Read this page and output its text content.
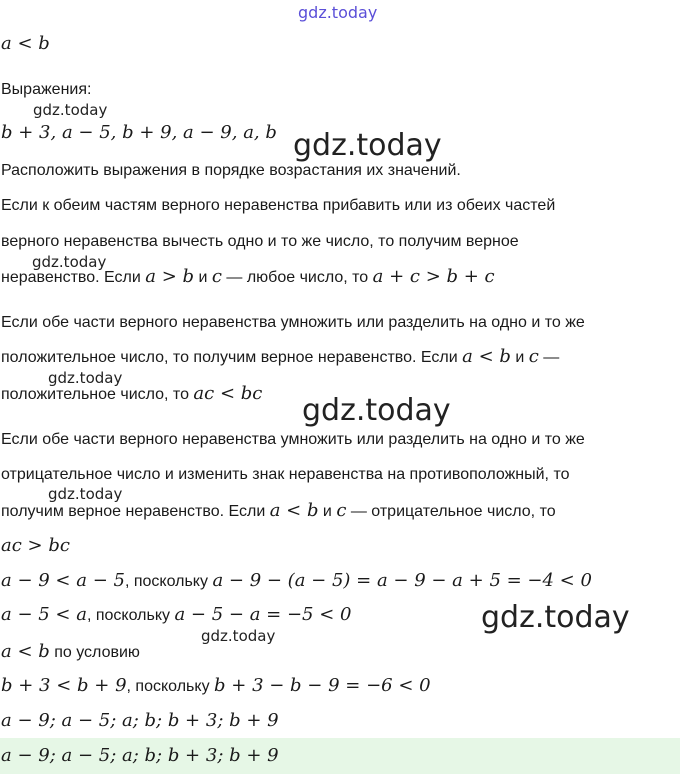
gdz.today
gdz.today
gdz.today
gdz.today
gdz.today
gdz.today
gdz.today
gdz.today
gdz.today
a < b
Выражения:
b + 3, a − 5, b + 9, a − 9, a, b
Расположить выражения в порядке возрастания их значений.
Если к обеим частям верного неравенства прибавить или из обеих частей
верного неравенства вычесть одно и то же число, то получим верное
неравенство. Если a > b и c — любое число, то a + c > b + c
Если обе части верного неравенства умножить или разделить на одно и то же
положительное число, то получим верное неравенство. Если a < b и c —
положительное число, то ac < bc
Если обе части верного неравенства умножить или разделить на одно и то же
отрицательное число и изменить знак неравенства на противоположный, то
получим верное неравенство. Если a < b и c — отрицательное число, то
ac > bc
a − 9 < a − 5, поскольку a − 9 − (a − 5) = a − 9 − a + 5 = −4 < 0
a − 5 < a, поскольку a − 5 − a = −5 < 0
a < b по условию
b + 3 < b + 9, поскольку b + 3 − b − 9 = −6 < 0
a − 9; a − 5; a; b; b + 3; b + 9
a − 9; a − 5; a; b; b + 3; b + 9
